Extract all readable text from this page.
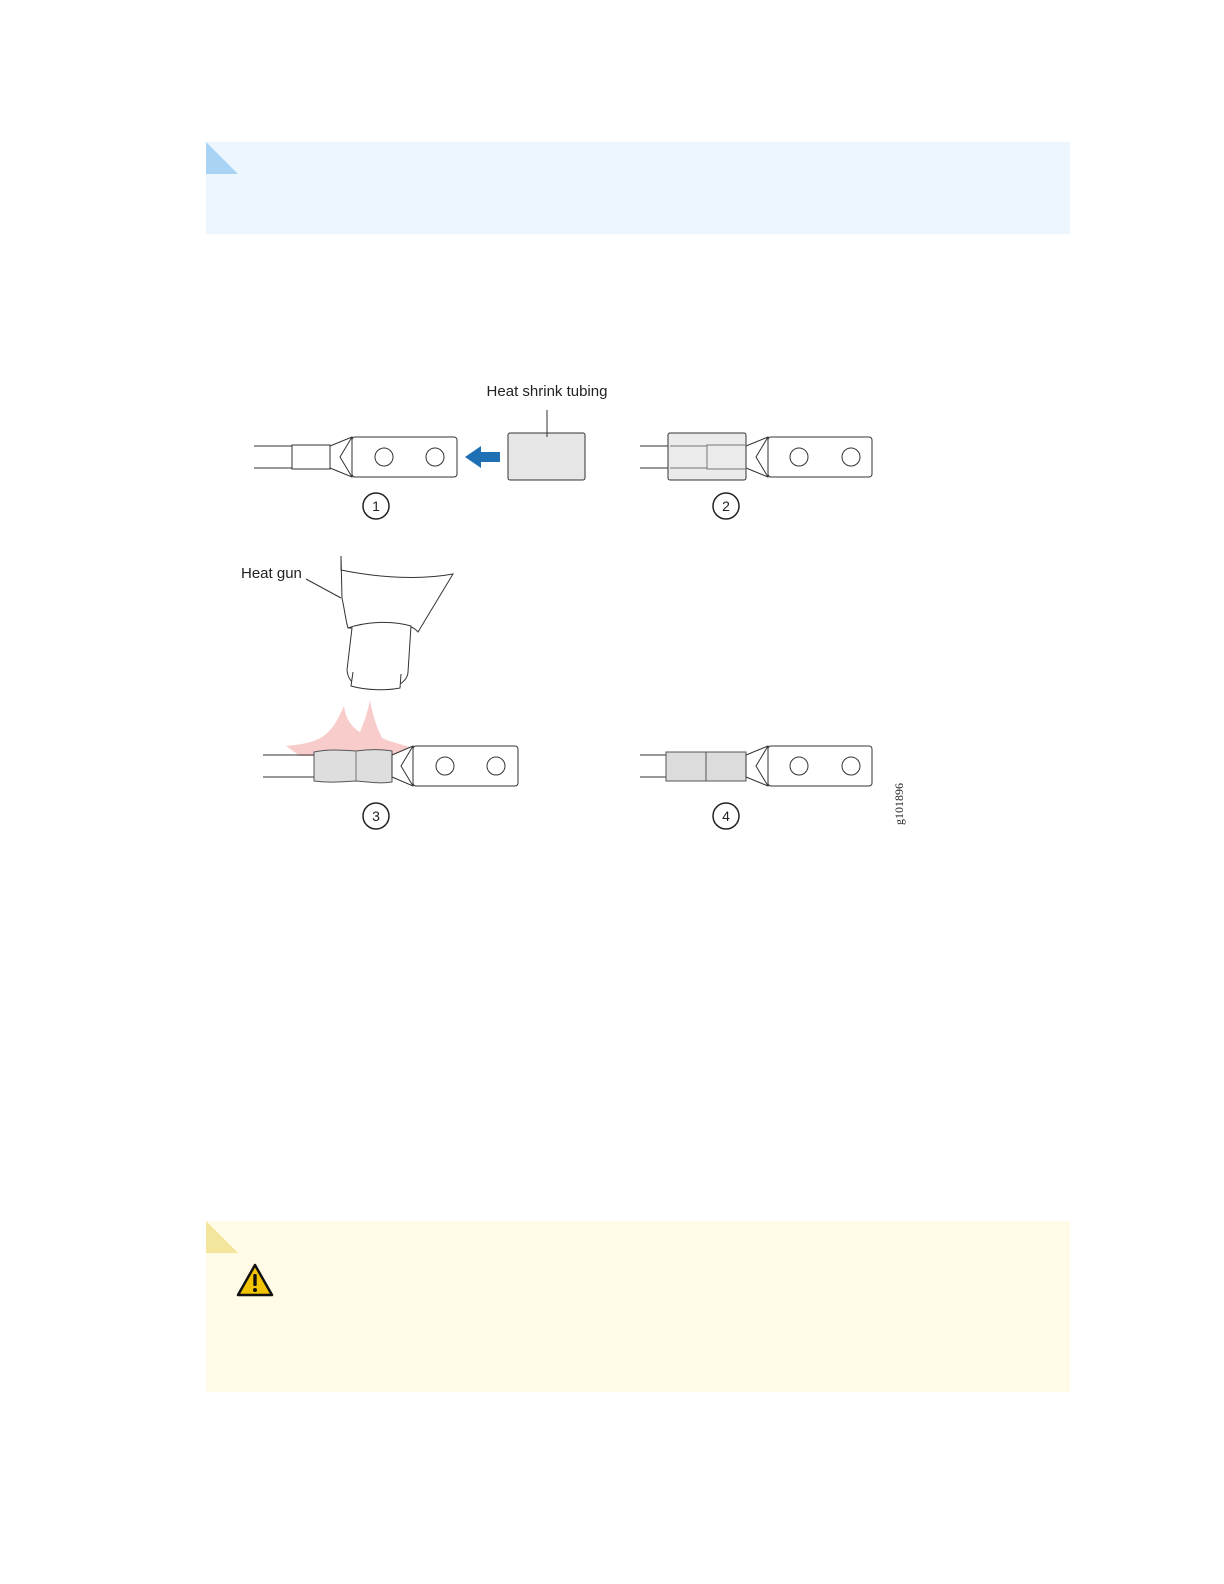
Heat shrink tubing
1	2
Heat gun
3	4	g101896
